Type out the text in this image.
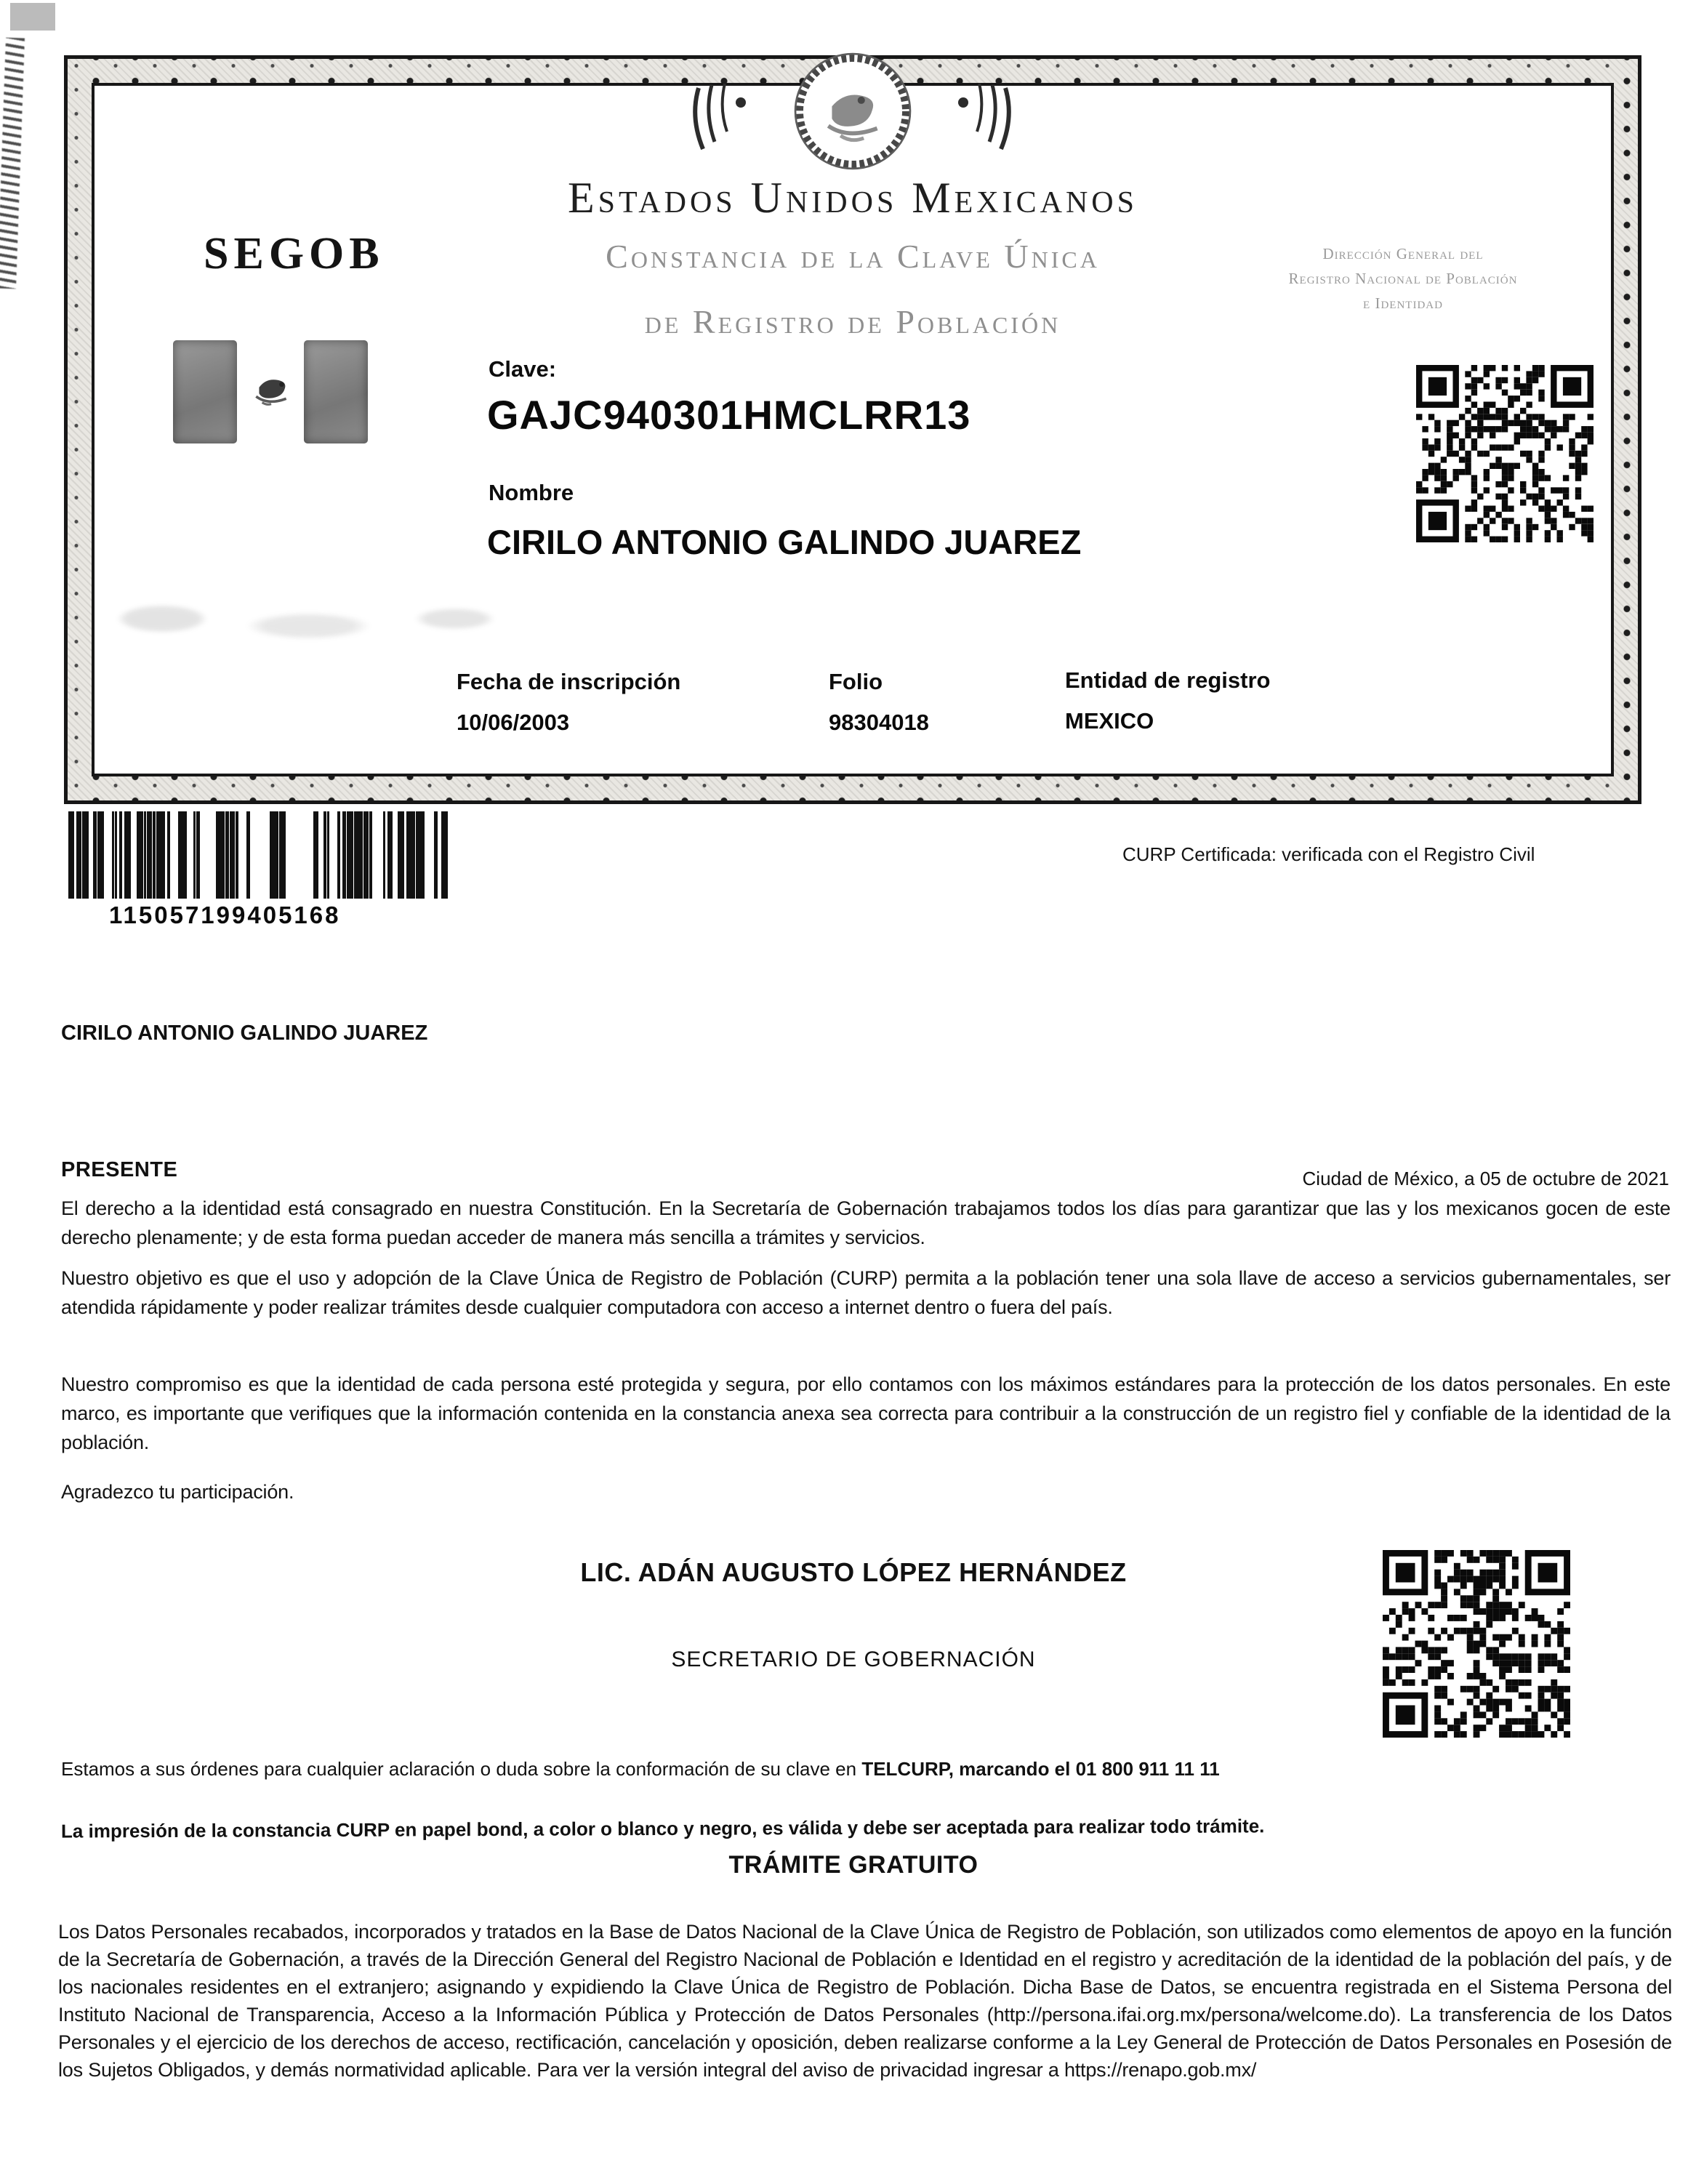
SEGOB
Estados Unidos Mexicanos
Constancia de la Clave Única
de Registro de Población
Dirección General del
Registro Nacional de Población
e Identidad
Clave:
GAJC940301HMCLRR13
Nombre
CIRILO ANTONIO GALINDO JUAREZ
Fecha de inscripción
10/06/2003
Folio
98304018
Entidad de registro
MEXICO
115057199405168
CURP Certificada: verificada con el Registro Civil
CIRILO ANTONIO GALINDO JUAREZ
PRESENTE	Ciudad de México, a 05 de octubre de 2021
El derecho a la identidad está consagrado en nuestra Constitución. En la Secretaría de Gobernación trabajamos todos los días para garantizar que las y los mexicanos gocen de este derecho plenamente; y de esta forma puedan acceder de manera más sencilla a trámites y servicios.
Nuestro objetivo es que el uso y adopción de la Clave Única de Registro de Población (CURP) permita a la población tener una sola llave de acceso a servicios gubernamentales, ser atendida rápidamente y poder realizar trámites desde cualquier computadora con acceso a internet dentro o fuera del país.
Nuestro compromiso es que la identidad de cada persona esté protegida y segura, por ello contamos con los máximos estándares para la protección de los datos personales. En este marco, es importante que verifiques que la información contenida en la constancia anexa sea correcta para contribuir a la construcción de un registro fiel y confiable de la identidad de la población.
Agradezco tu participación.
LIC. ADÁN AUGUSTO LÓPEZ HERNÁNDEZ
SECRETARIO DE GOBERNACIÓN
Estamos a sus órdenes para cualquier aclaración o duda sobre la conformación de su clave en TELCURP, marcando el 01 800 911 11 11
La impresión de la constancia CURP en papel bond, a color o blanco y negro, es válida y debe ser aceptada para realizar todo trámite.
TRÁMITE GRATUITO
Los Datos Personales recabados, incorporados y tratados en la Base de Datos Nacional de la Clave Única de Registro de Población, son utilizados como elementos de apoyo en la función de la Secretaría de Gobernación, a través de la Dirección General del Registro Nacional de Población e Identidad en el registro y acreditación de la identidad de la población del país, y de los nacionales residentes en el extranjero; asignando y expidiendo la Clave Única de Registro de Población. Dicha Base de Datos, se encuentra registrada en el Sistema Persona del Instituto Nacional de Transparencia, Acceso a la Información Pública y Protección de Datos Personales (http://persona.ifai.org.mx/persona/welcome.do). La transferencia de los Datos Personales y el ejercicio de los derechos de acceso, rectificación, cancelación y oposición, deben realizarse conforme a la Ley General de Protección de Datos Personales en Posesión de los Sujetos Obligados, y demás normatividad aplicable. Para ver la versión integral del aviso de privacidad ingresar a https://renapo.gob.mx/
